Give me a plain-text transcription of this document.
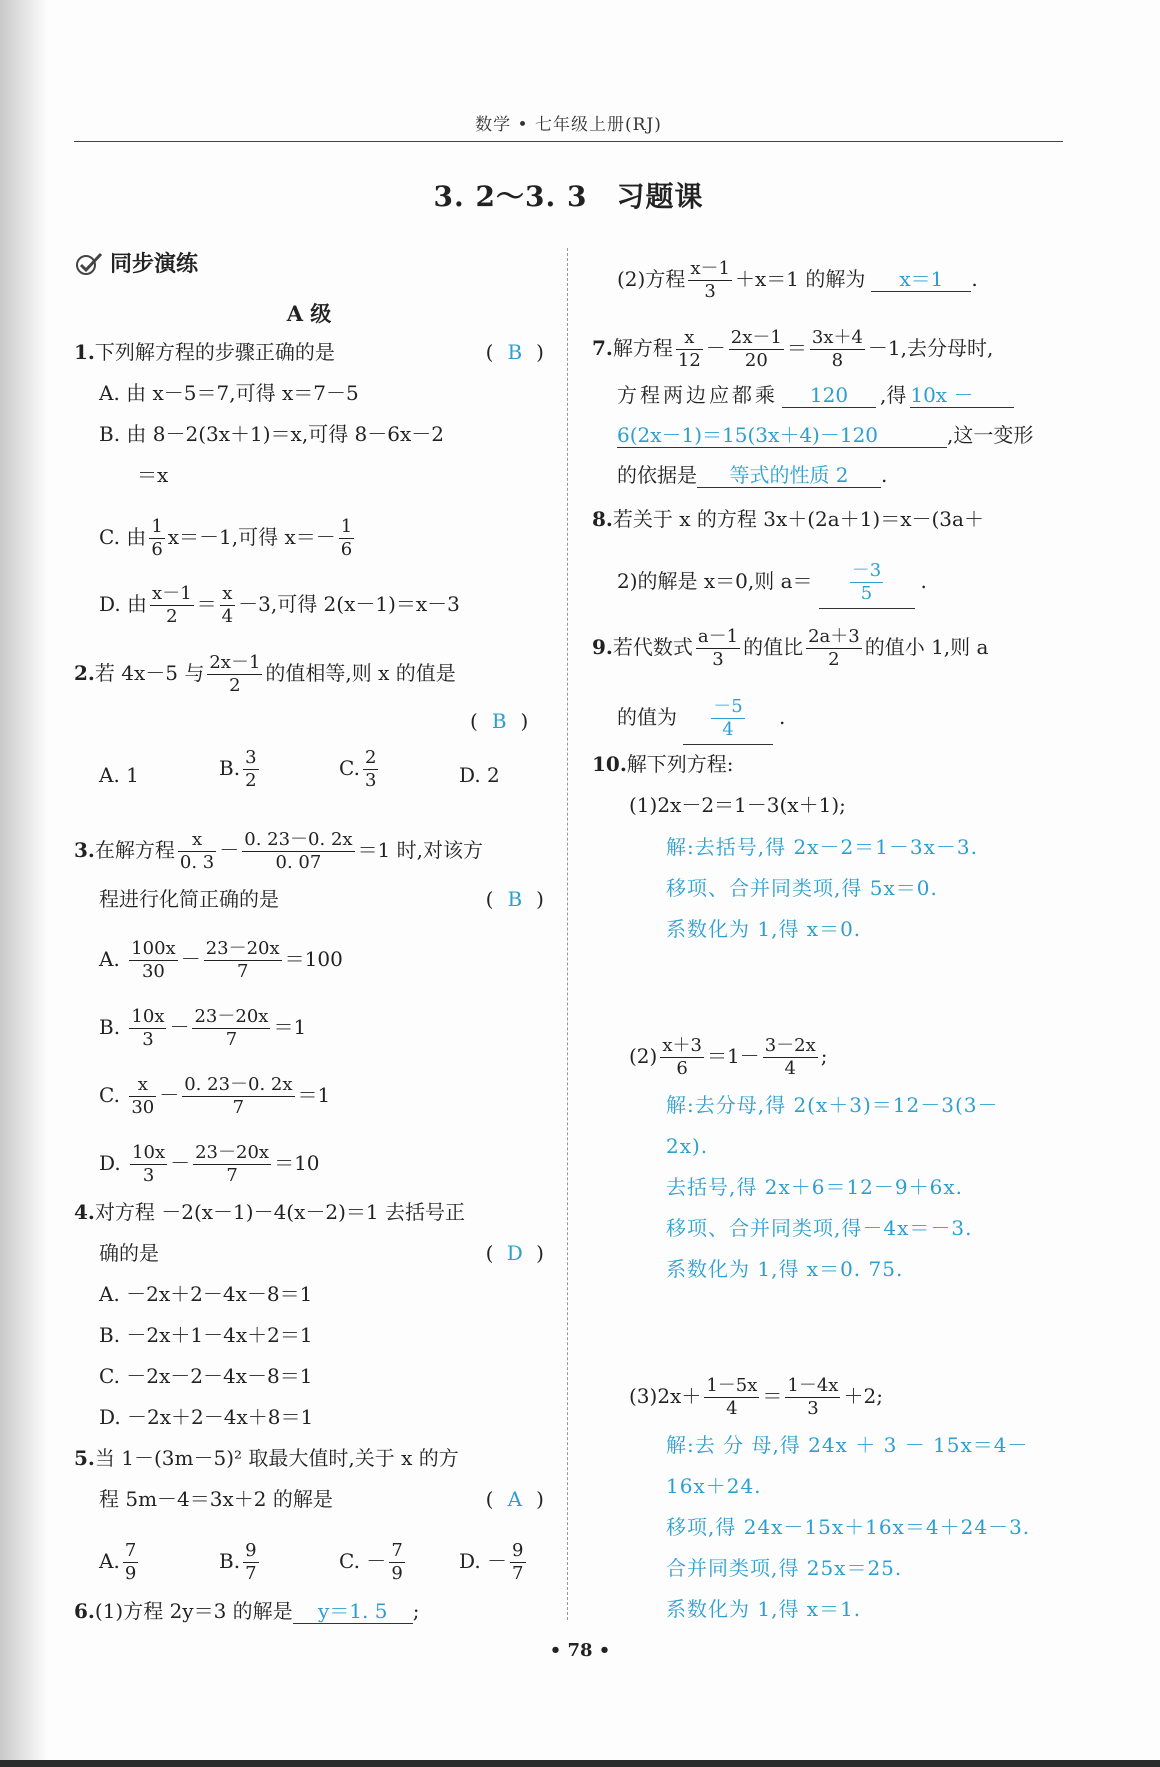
数学 • 七年级上册(RJ)
3. 2～3. 3　习题课
同步演练
A 级
1.下列解方程的步骤正确的是	( B )
A. 由 x－5＝7,可得 x＝7－5
B. 由 8－2(3x＋1)＝x,可得 8－6x－2
＝x
C. 由 $\frac{1}{6} x=-1$,可得 $x=- \frac{1}{6}$
D. 由 $\frac{x-1}{2} = \frac{x}{4} -3$,可得 2(x－1)＝x－3
2.若 4x－5 与 $\frac{2x-1}{2}$ 的值相等,则 x 的值是
( B )
A. 1	B. $\frac{3}{2}$	C. $\frac{2}{3}$	D. 2
3.在解方程 $\frac{x}{0. 3} - \frac{0. 23-0. 2x}{0. 07} =1$ 时,对该方
程进行化简正确的是	( B )
A. $\frac{100x}{30} - \frac{23-20x}{7} =100$
B. $\frac{10x}{3} - \frac{23-20x}{7} =1$
C. $\frac{x}{30} - \frac{0. 23-0. 2x}{7} =1$
D. $\frac{10x}{3} - \frac{23-20x}{7} =10$
4.对方程 －2(x－1)－4(x－2)＝1 去括号正
确的是	( D )
A. －2x＋2－4x－8＝1
B. －2x＋1－4x＋2＝1
C. －2x－2－4x－8＝1
D. －2x＋2－4x＋8＝1
5.当 1－(3m－5)² 取最大值时,关于 x 的方
程 5m－4＝3x＋2 的解是	( A )
A. $\frac{7}{9}$	B. $\frac{9}{7}$	C. － $\frac{7}{9}$	D. － $\frac{9}{7}$
6.(1)方程 2y＝3 的解是 y＝1. 5 ;
(2)方程 $\frac{x-1}{3} +x=1$ 的解为 x＝1 .
7.解方程 $\frac{x}{12} - \frac{2x-1}{20} = \frac{3x+4}{8} -1$,去分母时,
方程两边应都乘 120 ,得 10x －
6(2x－1)＝15(3x＋4)－120	,这一变形
的依据是 等式的性质 2 .
8.若关于 x 的方程 3x＋(2a＋1)＝x－(3a＋
2)的解是 x＝0,则 $a= \frac{-3}{5}$ .
9.若代数式 $\frac{a-1}{3}$ 的值比 $\frac{2a+3}{2}$ 的值小 1,则 a
的值为 $\frac{-5}{4}$ .
10.解下列方程:
(1)2x－2＝1－3(x＋1);
解:去括号,得 2x－2＝1－3x－3.
移项、合并同类项,得 5x＝0.
系数化为 1,得 x＝0.
$(2) \frac{x+3}{6} =1- \frac{3-2x}{4}$ ;
解:去分母,得 2(x＋3)＝12－3(3－
2x).
去括号,得 2x＋6＝12－9＋6x.
移项、合并同类项,得－4x＝－3.
系数化为 1,得 x＝0. 75.
$(3)2x+ \frac{1-5x}{4} = \frac{1-4x}{3} +2$;
解:去 分 母,得 24x ＋ 3 － 15x＝4－
16x＋24.
移项,得 24x－15x＋16x＝4＋24－3.
合并同类项,得 25x＝25.
系数化为 1,得 x＝1.
• 78 •
